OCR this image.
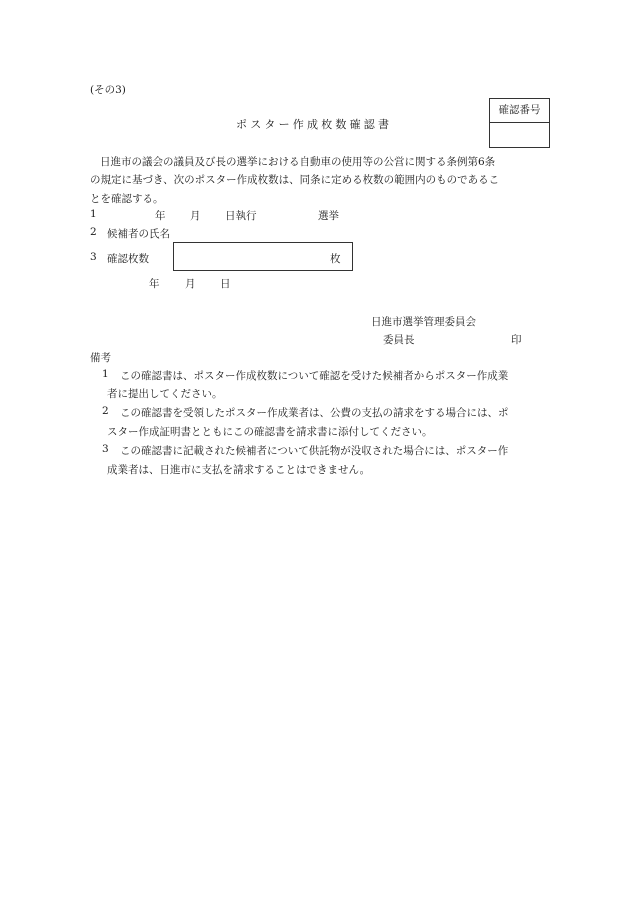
(その3)
ポスター作成枚数確認書
確認番号
日進市の議会の議員及び長の選挙における自動車の使用等の公営に関する条例第6条
の規定に基づき、次のポスター作成枚数は、同条に定める枚数の範囲内のものであるこ
とを確認する。
1	年 月 日執行	選挙
2 候補者の氏名
3 確認枚数	枚
年 月 日
日進市選挙管理委員会
委員長	印
備考
1 この確認書は、ポスター作成枚数について確認を受けた候補者からポスター作成業
者に提出してください。
2 この確認書を受領したポスター作成業者は、公費の支払の請求をする場合には、ポ
スター作成証明書とともにこの確認書を請求書に添付してください。
3 この確認書に記載された候補者について供託物が没収された場合には、ポスター作
成業者は、日進市に支払を請求することはできません。
